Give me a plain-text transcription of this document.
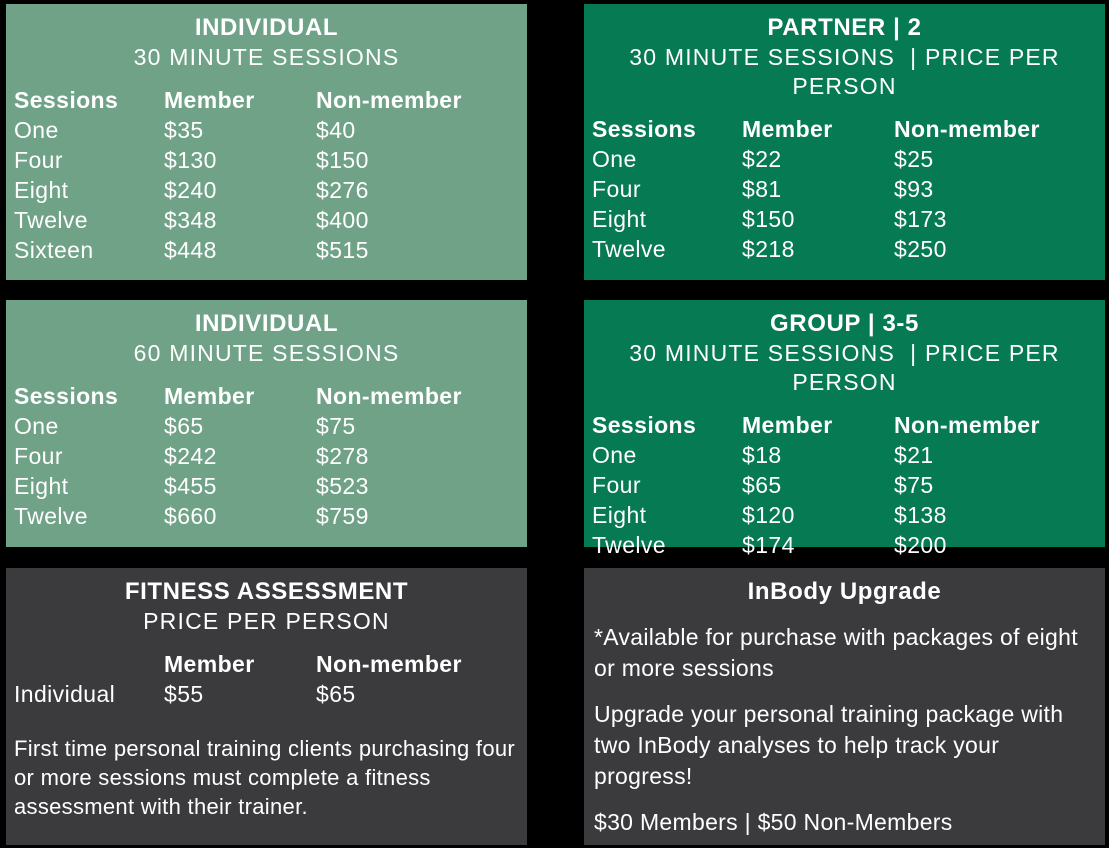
INDIVIDUAL
30 MINUTE SESSIONS
Sessions	Member	Non-member
One	$35	$40
Four	$130	$150
Eight	$240	$276
Twelve	$348	$400
Sixteen	$448	$515
PARTNER | 2
30 MINUTE SESSIONS  | PRICE PER PERSON
Sessions	Member	Non-member
One	$22	$25
Four	$81	$93
Eight	$150	$173
Twelve	$218	$250
INDIVIDUAL
60 MINUTE SESSIONS
Sessions	Member	Non-member
One	$65	$75
Four	$242	$278
Eight	$455	$523
Twelve	$660	$759
GROUP | 3-5
30 MINUTE SESSIONS  | PRICE PER PERSON
Sessions	Member	Non-member
One	$18	$21
Four	$65	$75
Eight	$120	$138
Twelve	$174	$200
FITNESS ASSESSMENT
PRICE PER PERSON
	Member	Non-member
Individual	$55	$65

First time personal training clients purchasing four or more sessions must complete a fitness assessment with their trainer.

InBody Upgrade

*Available for purchase with packages of eight or more sessions

Upgrade your personal training package with two InBody analyses to help track your progress!

$30 Members | $50 Non-Members
